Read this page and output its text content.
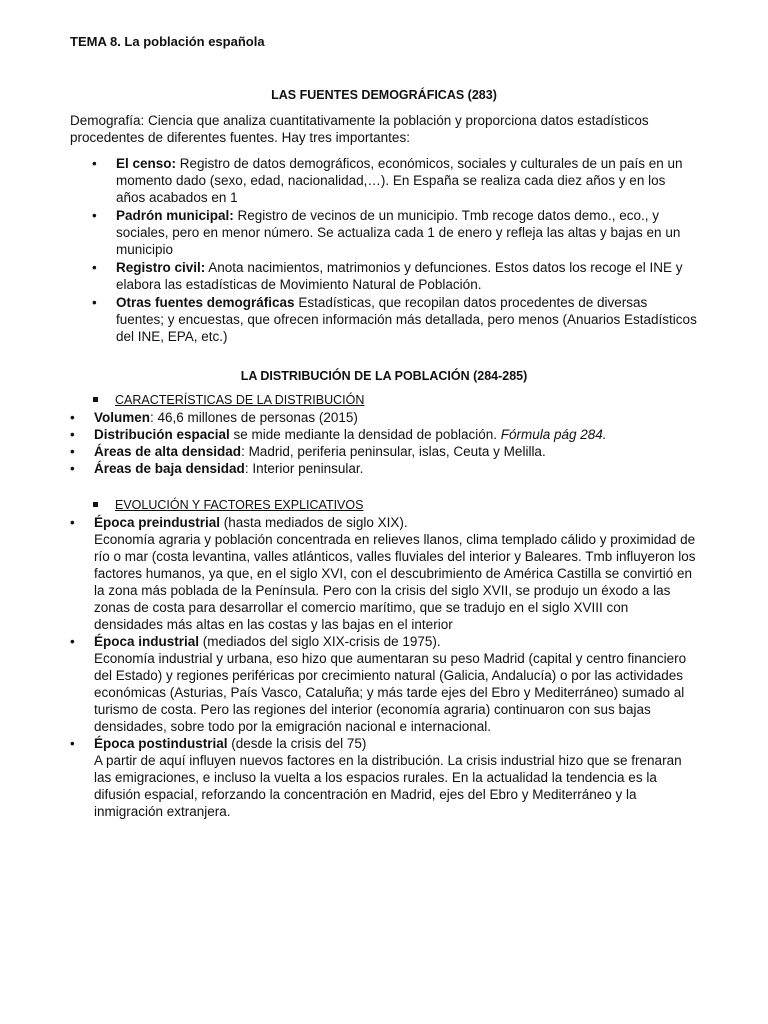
TEMA 8. La población española
LAS FUENTES DEMOGRÁFICAS (283)
Demografía: Ciencia que analiza cuantitativamente la población y proporciona datos estadísticos procedentes de diferentes fuentes. Hay tres importantes:
• El censo: Registro de datos demográficos, económicos, sociales y culturales de un país en un momento dado (sexo, edad, nacionalidad,…). En España se realiza cada diez años y en los años acabados en 1
• Padrón municipal: Registro de vecinos de un municipio. Tmb recoge datos demo., eco., y sociales, pero en menor número. Se actualiza cada 1 de enero y refleja las altas y bajas en un municipio
• Registro civil: Anota nacimientos, matrimonios y defunciones. Estos datos los recoge el INE y elabora las estadísticas de Movimiento Natural de Población.
• Otras fuentes demográficas Estadísticas, que recopilan datos procedentes de diversas fuentes; y encuestas, que ofrecen información más detallada, pero menos (Anuarios Estadísticos del INE, EPA, etc.)
LA DISTRIBUCIÓN DE LA POBLACIÓN (284-285)
CARACTERÍSTICAS DE LA DISTRIBUCIÓN
• Volumen: 46,6 millones de personas (2015)
• Distribución espacial se mide mediante la densidad de población. Fórmula pág 284.
• Áreas de alta densidad: Madrid, periferia peninsular, islas, Ceuta y Melilla.
• Áreas de baja densidad: Interior peninsular.
EVOLUCIÓN Y FACTORES EXPLICATIVOS
• Época preindustrial (hasta mediados de siglo XIX).
Economía agraria y población concentrada en relieves llanos, clima templado cálido y proximidad de río o mar (costa levantina, valles atlánticos, valles fluviales del interior y Baleares. Tmb influyeron los factores humanos, ya que, en el siglo XVI, con el descubrimiento de América Castilla se convirtió en la zona más poblada de la Península. Pero con la crisis del siglo XVII, se produjo un éxodo a las zonas de costa para desarrollar el comercio marítimo, que se tradujo en el siglo XVIII con densidades más altas en las costas y las bajas en el interior
• Época industrial (mediados del siglo XIX-crisis de 1975).
Economía industrial y urbana, eso hizo que aumentaran su peso Madrid (capital y centro financiero del Estado) y regiones periféricas por crecimiento natural (Galicia, Andalucía) o por las actividades económicas (Asturias, País Vasco, Cataluña; y más tarde ejes del Ebro y Mediterráneo) sumado al turismo de costa. Pero las regiones del interior (economía agraria) continuaron con sus bajas densidades, sobre todo por la emigración nacional e internacional.
• Época postindustrial (desde la crisis del 75)
A partir de aquí influyen nuevos factores en la distribución. La crisis industrial hizo que se frenaran las emigraciones, e incluso la vuelta a los espacios rurales. En la actualidad la tendencia es la difusión espacial, reforzando la concentración en Madrid, ejes del Ebro y Mediterráneo y la inmigración extranjera.
